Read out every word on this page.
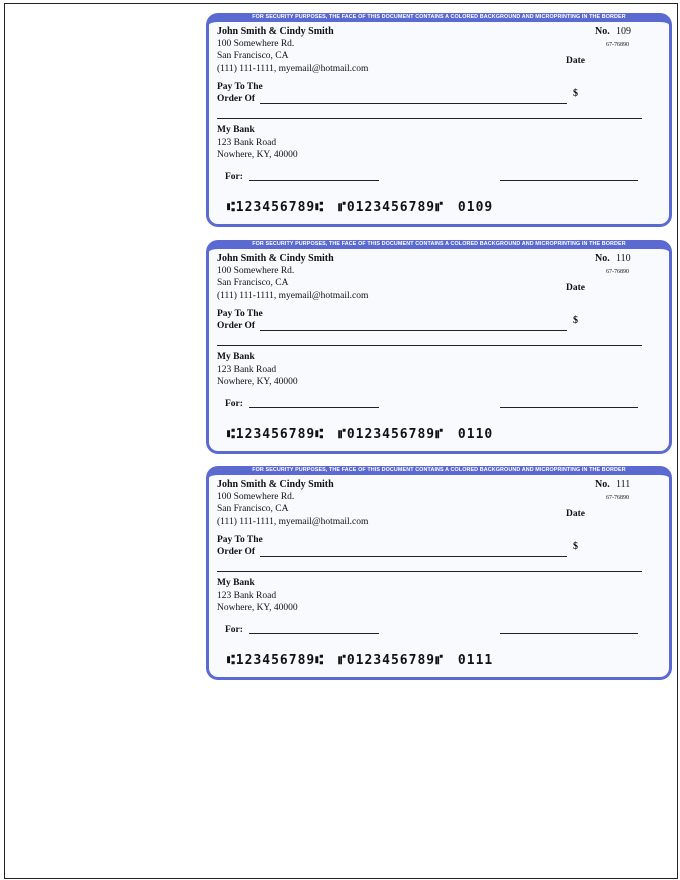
FOR SECURITY PURPOSES, THE FACE OF THIS DOCUMENT CONTAINS A COLORED BACKGROUND AND MICROPRINTING IN THE BORDER
John Smith & Cindy Smith
100 Somewhere Rd.
San Francisco, CA
(111) 111-1111, myemail@hotmail.com
No. 109
67-76890
Date
Pay To The
Order Of	$
My Bank
123 Bank Road
Nowhere, KY, 40000
For:
⑆123456789⑆ ⑈0123456789⑈ 0109
FOR SECURITY PURPOSES, THE FACE OF THIS DOCUMENT CONTAINS A COLORED BACKGROUND AND MICROPRINTING IN THE BORDER
John Smith & Cindy Smith
100 Somewhere Rd.
San Francisco, CA
(111) 111-1111, myemail@hotmail.com
No. 110
67-76890
Date
Pay To The
Order Of	$
My Bank
123 Bank Road
Nowhere, KY, 40000
For:
⑆123456789⑆ ⑈0123456789⑈ 0110
FOR SECURITY PURPOSES, THE FACE OF THIS DOCUMENT CONTAINS A COLORED BACKGROUND AND MICROPRINTING IN THE BORDER
John Smith & Cindy Smith
100 Somewhere Rd.
San Francisco, CA
(111) 111-1111, myemail@hotmail.com
No. 111
67-76890
Date
Pay To The
Order Of	$
My Bank
123 Bank Road
Nowhere, KY, 40000
For:
⑆123456789⑆ ⑈0123456789⑈ 0111
